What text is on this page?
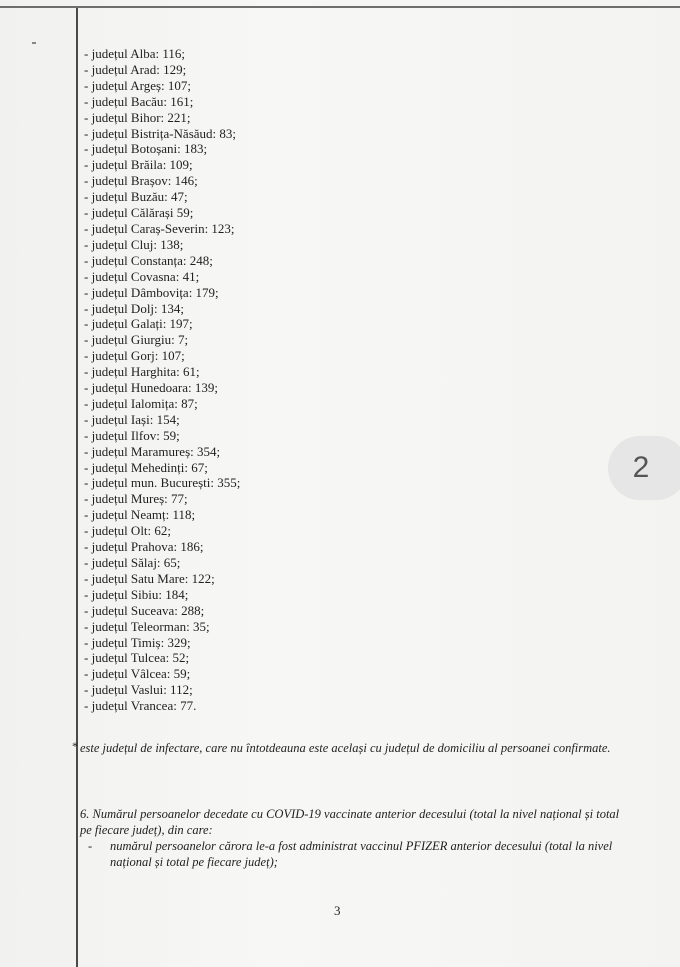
- județul Alba: 116;
- județul Arad: 129;
- județul Argeș: 107;
- județul Bacău: 161;
- județul Bihor: 221;
- județul Bistrița-Năsăud: 83;
- județul Botoșani: 183;
- județul Brăila: 109;
- județul Brașov: 146;
- județul Buzău: 47;
- județul Călărași 59;
- județul Caraș-Severin: 123;
- județul Cluj: 138;
- județul Constanța: 248;
- județul Covasna: 41;
- județul Dâmbovița: 179;
- județul Dolj: 134;
- județul Galați: 197;
- județul Giurgiu: 7;
- județul Gorj: 107;
- județul Harghita: 61;
- județul Hunedoara: 139;
- județul Ialomița: 87;
- județul Iași: 154;
- județul Ilfov: 59;
- județul Maramureș: 354;
- județul Mehedinți: 67;
- județul mun. București: 355;
- județul Mureș: 77;
- județul Neamț: 118;
- județul Olt: 62;
- județul Prahova: 186;
- județul Sălaj: 65;
- județul Satu Mare: 122;
- județul Sibiu: 184;
- județul Suceava: 288;
- județul Teleorman: 35;
- județul Timiș: 329;
- județul Tulcea: 52;
- județul Vâlcea: 59;
- județul Vaslui: 112;
- județul Vrancea: 77.
* este județul de infectare, care nu întotdeauna este același cu județul de domiciliu al persoanei confirmate.
6. Numărul persoanelor decedate cu COVID-19 vaccinate anterior decesului (total la nivel național și total pe fiecare județ), din care:
-	numărul persoanelor cărora le-a fost administrat vaccinul PFIZER anterior decesului (total la nivel național și total pe fiecare județ);
3
2
